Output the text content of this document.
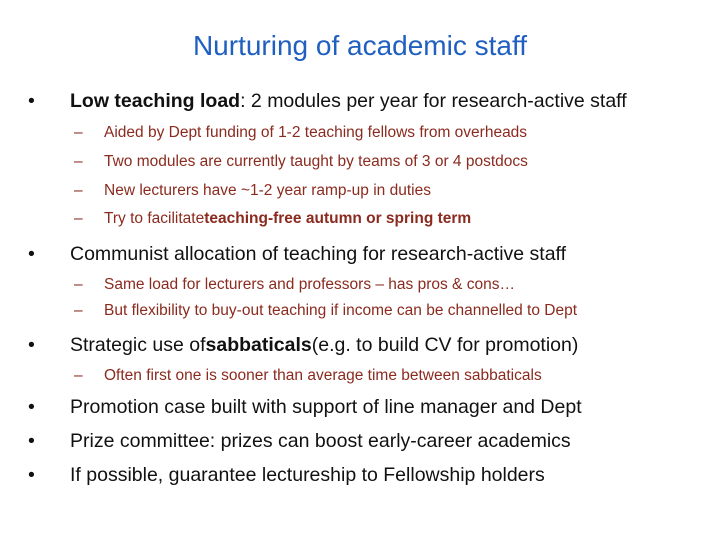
Nurturing of academic staff
•	Low teaching load : 2 modules per year for research-active staff
–	Aided by Dept funding of 1-2 teaching fellows from overheads
–	Two modules are currently taught by teams of 3 or 4 postdocs
–	New lecturers have ~1-2 year ramp-up in duties
–	Try to facilitate teaching-free autumn or spring term
•	Communist allocation of teaching for research-active staff
–	Same load for lecturers and professors – has pros & cons…
–	But flexibility to buy-out teaching if income can be channelled to Dept
•	Strategic use of sabbaticals (e.g. to build CV for promotion)
–	Often first one is sooner than average time between sabbaticals
•	Promotion case built with support of line manager and Dept
•	Prize committee: prizes can boost early-career academics
•	If possible, guarantee lectureship to Fellowship holders
